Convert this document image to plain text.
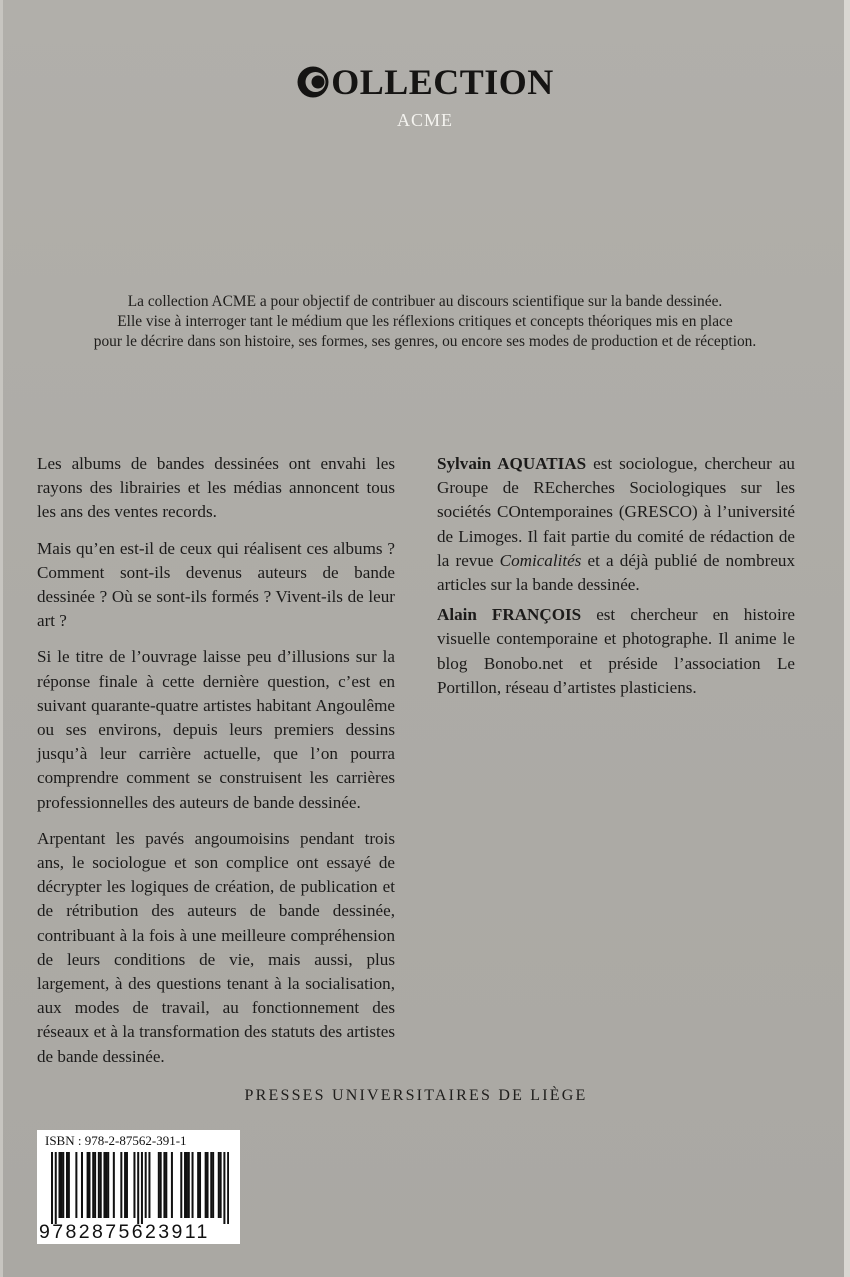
OLLECTION
ACME

La collection ACME a pour objectif de contribuer au discours scientifique sur la bande dessinée.

Elle vise à interroger tant le médium que les réflexions critiques et concepts théoriques mis en place

pour le décrire dans son histoire, ses formes, ses genres, ou encore ses modes de production et de réception.

Les albums de bandes dessinées ont envahi les rayons des librairies et les médias annoncent tous les ans des ventes records.

Mais qu’en est-il de ceux qui réalisent ces albums ? Comment sont-ils devenus auteurs de bande dessinée ? Où se sont-ils formés ? Vivent-ils de leur art ?

Si le titre de l’ouvrage laisse peu d’illusions sur la réponse finale à cette dernière question, c’est en suivant quarante-quatre artistes habitant Angoulême ou ses environs, depuis leurs premiers dessins jusqu’à leur carrière actuelle, que l’on pourra comprendre comment se construisent les carrières professionnelles des auteurs de bande dessinée.

Arpentant les pavés angoumoisins pendant trois ans, le sociologue et son complice ont essayé de décrypter les logiques de création, de publication et de rétribution des auteurs de bande dessinée, contribuant à la fois à une meilleure compréhension de leurs conditions de vie, mais aussi, plus largement, à des questions tenant à la socialisation, aux modes de travail, au fonctionnement des réseaux et à la transformation des statuts des artistes de bande dessinée.

Sylvain AQUATIAS est sociologue, chercheur au Groupe de REcherches Sociologiques sur les sociétés COntemporaines (GRESCO) à l’université de Limoges. Il fait partie du comité de rédaction de la revue Comicalités et a déjà publié de nombreux articles sur la bande dessinée.

Alain FRANÇOIS est chercheur en histoire visuelle contemporaine et photographe. Il anime le blog Bonobo.net et préside l’association Le Portillon, réseau d’artistes plasticiens.

PRESSES UNIVERSITAIRES DE LIÈGE
ISBN : 978-2-87562-391-1
9782875623911
